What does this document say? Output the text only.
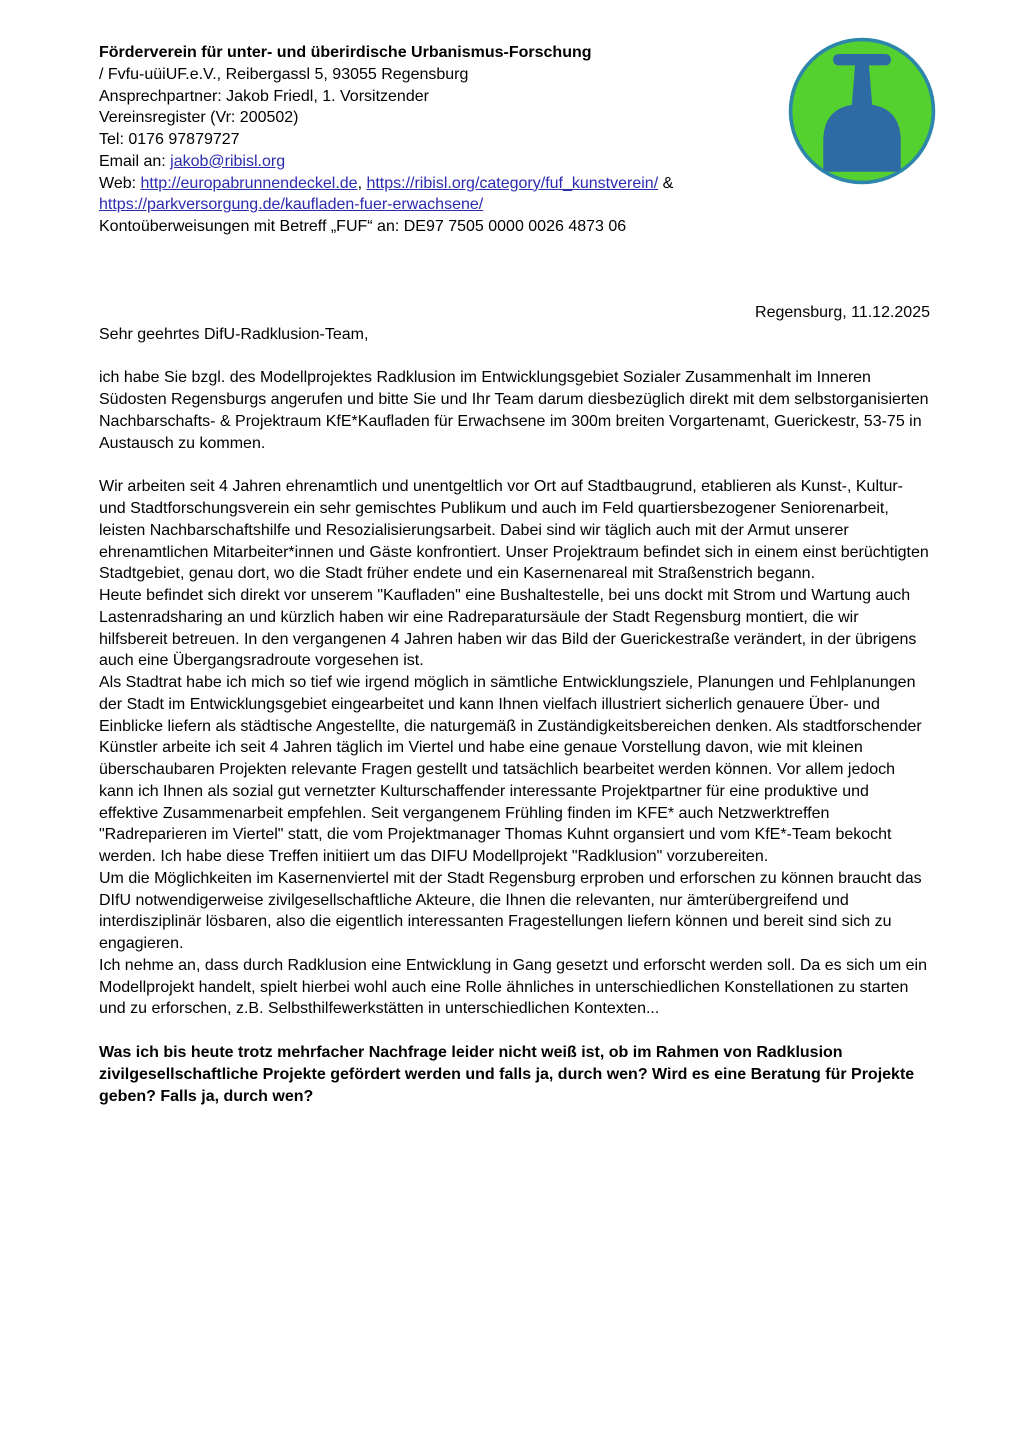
Förderverein für unter- und überirdische Urbanismus-Forschung
/ Fvfu-uüiUF.e.V., Reibergassl 5, 93055 Regensburg
Ansprechpartner: Jakob Friedl, 1. Vorsitzender
Vereinsregister (Vr: 200502)
Tel: 0176 97879727
Email an: jakob@ribisl.org
Web: http://europabrunnendeckel.de, https://ribisl.org/category/fuf_kunstverein/ &
https://parkversorgung.de/kaufladen-fuer-erwachsene/
Kontoüberweisungen mit Betreff „FUF“ an: DE97 7505 0000 0026 4873 06
Regensburg, 11.12.2025

Sehr geehrtes DifU-Radklusion-Team,

ich habe Sie bzgl. des Modellprojektes Radklusion im Entwicklungsgebiet Sozialer Zusammenhalt im Inneren Südosten Regensburgs angerufen und bitte Sie und Ihr Team darum diesbezüglich direkt mit dem selbstorganisierten Nachbarschafts- & Projektraum KfE*Kaufladen für Erwachsene im 300m breiten Vorgartenamt, Guerickestr, 53-75 in Austausch zu kommen.

Wir arbeiten seit 4 Jahren ehrenamtlich und unentgeltlich vor Ort auf Stadtbaugrund, etablieren als Kunst-, Kultur- und Stadtforschungsverein ein sehr gemischtes Publikum und auch im Feld quartiersbezogener Seniorenarbeit, leisten Nachbarschaftshilfe und Resozialisierungsarbeit. Dabei sind wir täglich auch mit der Armut unserer ehrenamtlichen Mitarbeiter*innen und Gäste konfrontiert. Unser Projektraum befindet sich in einem einst berüchtigten Stadtgebiet, genau dort, wo die Stadt früher endete und ein Kasernenareal mit Straßenstrich begann.

Heute befindet sich direkt vor unserem "Kaufladen" eine Bushaltestelle, bei uns dockt mit Strom und Wartung auch Lastenradsharing an und kürzlich haben wir eine Radreparatursäule der Stadt Regensburg montiert, die wir hilfsbereit betreuen. In den vergangenen 4 Jahren haben wir das Bild der Guerickestraße verändert, in der übrigens auch eine Übergangsradroute vorgesehen ist.

Als Stadtrat habe ich mich so tief wie irgend möglich in sämtliche Entwicklungsziele, Planungen und Fehlplanungen der Stadt im Entwicklungsgebiet eingearbeitet und kann Ihnen vielfach illustriert sicherlich genauere Über- und Einblicke liefern als städtische Angestellte, die naturgemäß in Zuständigkeitsbereichen denken. Als stadtforschender Künstler arbeite ich seit 4 Jahren täglich im Viertel und habe eine genaue Vorstellung davon, wie mit kleinen überschaubaren Projekten relevante Fragen gestellt und tatsächlich bearbeitet werden können. Vor allem jedoch kann ich Ihnen als sozial gut vernetzter Kulturschaffender interessante Projektpartner für eine produktive und effektive Zusammenarbeit empfehlen. Seit vergangenem Frühling finden im KFE* auch Netzwerktreffen "Radreparieren im Viertel" statt, die vom Projektmanager Thomas Kuhnt organsiert und vom KfE*-Team bekocht werden. Ich habe diese Treffen initiiert um das DIFU Modellprojekt "Radklusion" vorzubereiten.

Um die Möglichkeiten im Kasernenviertel mit der Stadt Regensburg erproben und erforschen zu können braucht das DIfU notwendigerweise zivilgesellschaftliche Akteure, die Ihnen die relevanten, nur ämterübergreifend und interdisziplinär lösbaren, also die eigentlich interessanten Fragestellungen liefern können und bereit sind sich zu engagieren.

Ich nehme an, dass durch Radklusion eine Entwicklung in Gang gesetzt und erforscht werden soll. Da es sich um ein Modellprojekt handelt, spielt hierbei wohl auch eine Rolle ähnliches in unterschiedlichen Konstellationen zu starten und zu erforschen, z.B. Selbsthilfewerkstätten in unterschiedlichen Kontexten...

Was ich bis heute trotz mehrfacher Nachfrage leider nicht weiß ist, ob im Rahmen von Radklusion zivilgesellschaftliche Projekte gefördert werden und falls ja, durch wen? Wird es eine Beratung für Projekte geben? Falls ja, durch wen?
